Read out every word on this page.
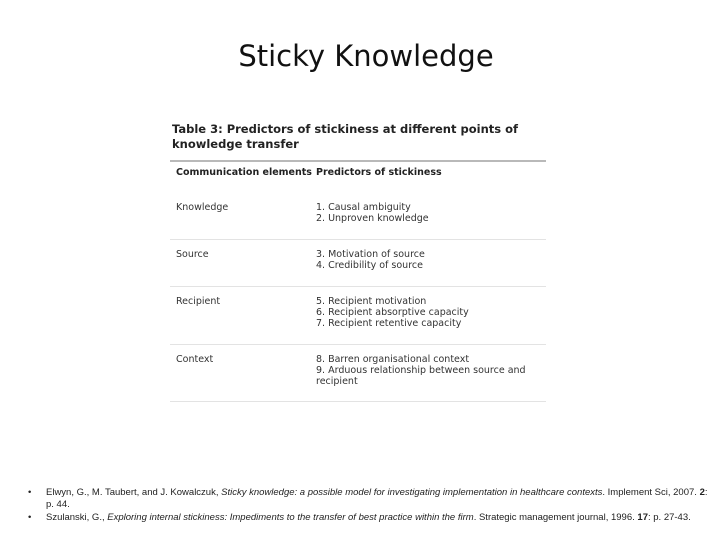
Sticky Knowledge
Table 3: Predictors of stickiness at different points of knowledge transfer
Communication elements Predictors of stickiness
Knowledge	1. Causal ambiguity
2. Unproven knowledge
Source	3. Motivation of source
4. Credibility of source
Recipient	5. Recipient motivation
6. Recipient absorptive capacity
7. Recipient retentive capacity
Context	8. Barren organisational context
9. Arduous relationship between source and recipient
• Elwyn, G., M. Taubert, and J. Kowalczuk, Sticky knowledge: a possible model for investigating implementation in healthcare contexts. Implement Sci, 2007. 2: p. 44.
• Szulanski, G., Exploring internal stickiness: Impediments to the transfer of best practice within the firm. Strategic management journal, 1996. 17: p. 27-43.
